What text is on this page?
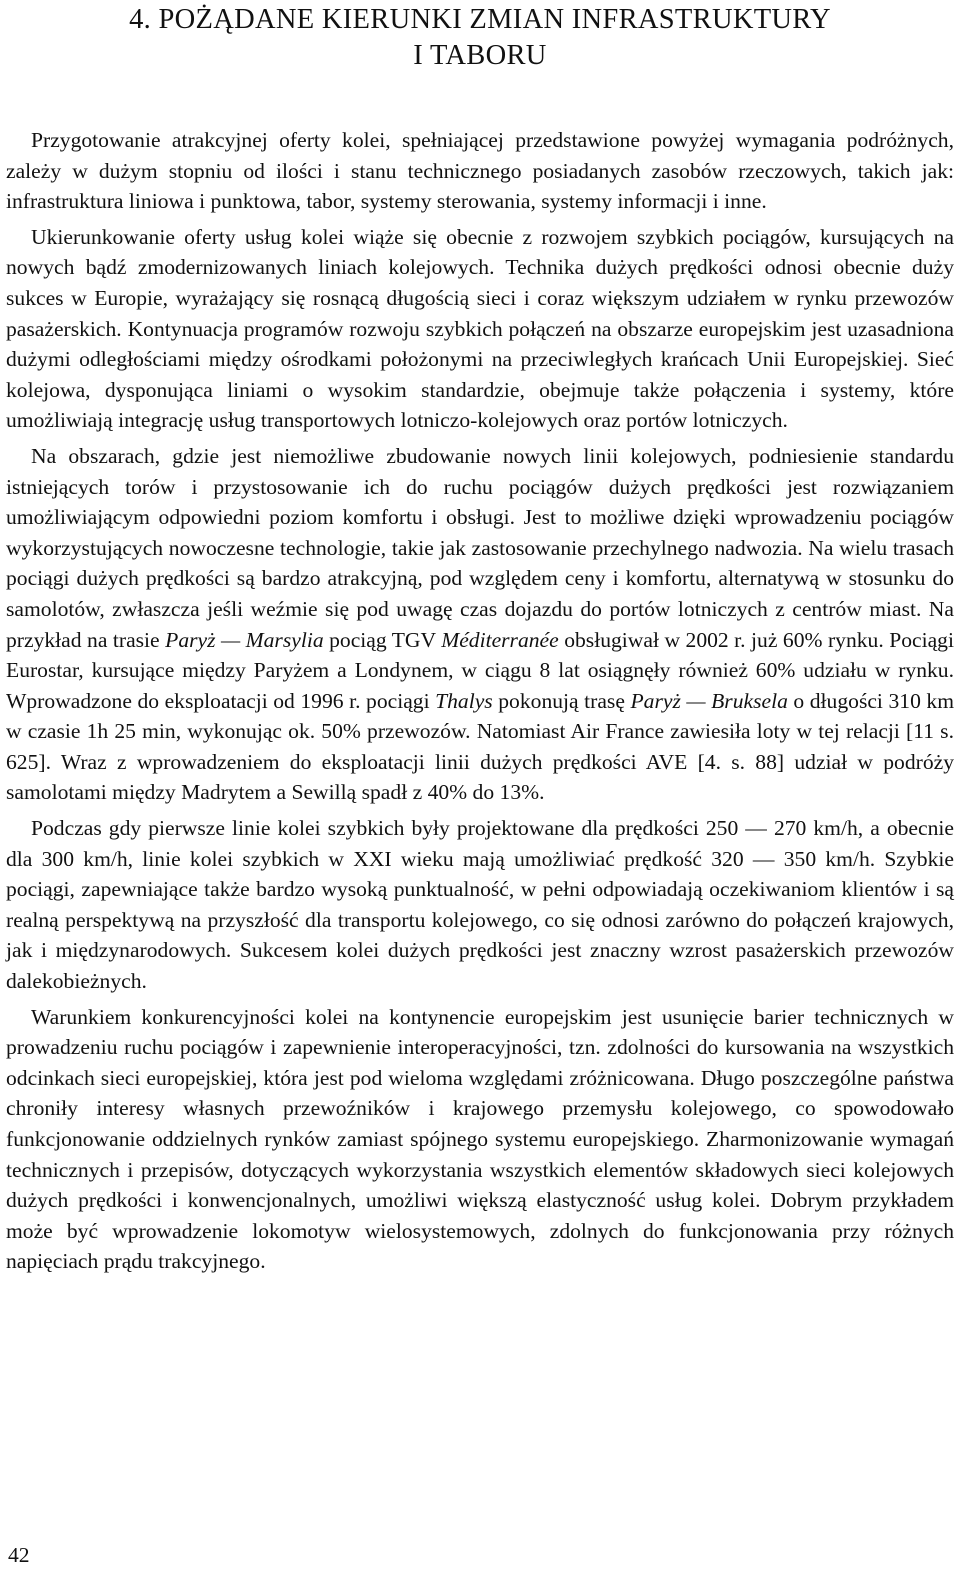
4. POŻĄDANE KIERUNKI ZMIAN INFRASTRUKTURY
I TABORU

Przygotowanie atrakcyjnej oferty kolei, spełniającej przedstawione powyżej wymagania podróżnych, zależy w dużym stopniu od ilości i stanu technicznego posiadanych zasobów rzeczowych, takich jak: infrastruktura liniowa i punktowa, tabor, systemy sterowania, systemy informacji i inne.

Ukierunkowanie oferty usług kolei wiąże się obecnie z rozwojem szybkich pociągów, kursujących na nowych bądź zmodernizowanych liniach kolejowych. Technika dużych prędkości odnosi obecnie duży sukces w Europie, wyrażający się rosnącą długością sieci i coraz większym udziałem w rynku przewozów pasażerskich. Kontynuacja programów rozwoju szybkich połączeń na obszarze europejskim jest uzasadniona dużymi odległościami między ośrodkami położonymi na przeciwległych krańcach Unii Europejskiej. Sieć kolejowa, dysponująca liniami o wysokim standardzie, obejmuje także połączenia i systemy, które umożliwiają integrację usług transportowych lotniczo-kolejowych oraz portów lotniczych.

Na obszarach, gdzie jest niemożliwe zbudowanie nowych linii kolejowych, podniesienie standardu istniejących torów i przystosowanie ich do ruchu pociągów dużych prędkości jest rozwiązaniem umożliwiającym odpowiedni poziom komfortu i obsługi. Jest to możliwe dzięki wprowadzeniu pociągów wykorzystujących nowoczesne technologie, takie jak zastosowanie przechylnego nadwozia. Na wielu trasach pociągi dużych prędkości są bardzo atrakcyjną, pod względem ceny i komfortu, alternatywą w stosunku do samolotów, zwłaszcza jeśli weźmie się pod uwagę czas dojazdu do portów lotniczych z centrów miast. Na przykład na trasie Paryż — Marsylia pociąg TGV Méditerranée obsługiwał w 2002 r. już 60% rynku. Pociągi Eurostar, kursujące między Paryżem a Londynem, w ciągu 8 lat osiągnęły również 60% udziału w rynku. Wprowadzone do eksploatacji od 1996 r. pociągi Thalys pokonują trasę Paryż — Bruksela o długości 310 km w czasie 1h 25 min, wykonując ok. 50% przewozów. Natomiast Air France zawiesiła loty w tej relacji [11 s. 625]. Wraz z wprowadzeniem do eksploatacji linii dużych prędkości AVE [4. s. 88] udział w podróży samolotami między Madrytem a Sewillą spadł z 40% do 13%.

Podczas gdy pierwsze linie kolei szybkich były projektowane dla prędkości 250 — 270 km/h, a obecnie dla 300 km/h, linie kolei szybkich w XXI wieku mają umożliwiać prędkość 320 — 350 km/h. Szybkie pociągi, zapewniające także bardzo wysoką punktualność, w pełni odpowiadają oczekiwaniom klientów i są realną perspektywą na przyszłość dla transportu kolejowego, co się odnosi zarówno do połączeń krajowych, jak i międzynarodowych. Sukcesem kolei dużych prędkości jest znaczny wzrost pasażerskich przewozów dalekobieżnych.

Warunkiem konkurencyjności kolei na kontynencie europejskim jest usunięcie barier technicznych w prowadzeniu ruchu pociągów i zapewnienie interoperacyjności, tzn. zdolności do kursowania na wszystkich odcinkach sieci europejskiej, która jest pod wieloma względami zróżnicowana. Długo poszczególne państwa chroniły interesy własnych przewoźników i krajowego przemysłu kolejowego, co spowodowało funkcjonowanie oddzielnych rynków zamiast spójnego systemu europejskiego. Zharmonizowanie wymagań technicznych i przepisów, dotyczących wykorzystania wszystkich elementów składowych sieci kolejowych dużych prędkości i konwencjonalnych, umożliwi większą elastyczność usług kolei. Dobrym przykładem może być wprowadzenie lokomotyw wielosystemowych, zdolnych do funkcjonowania przy różnych napięciach prądu trakcyjnego.

42
